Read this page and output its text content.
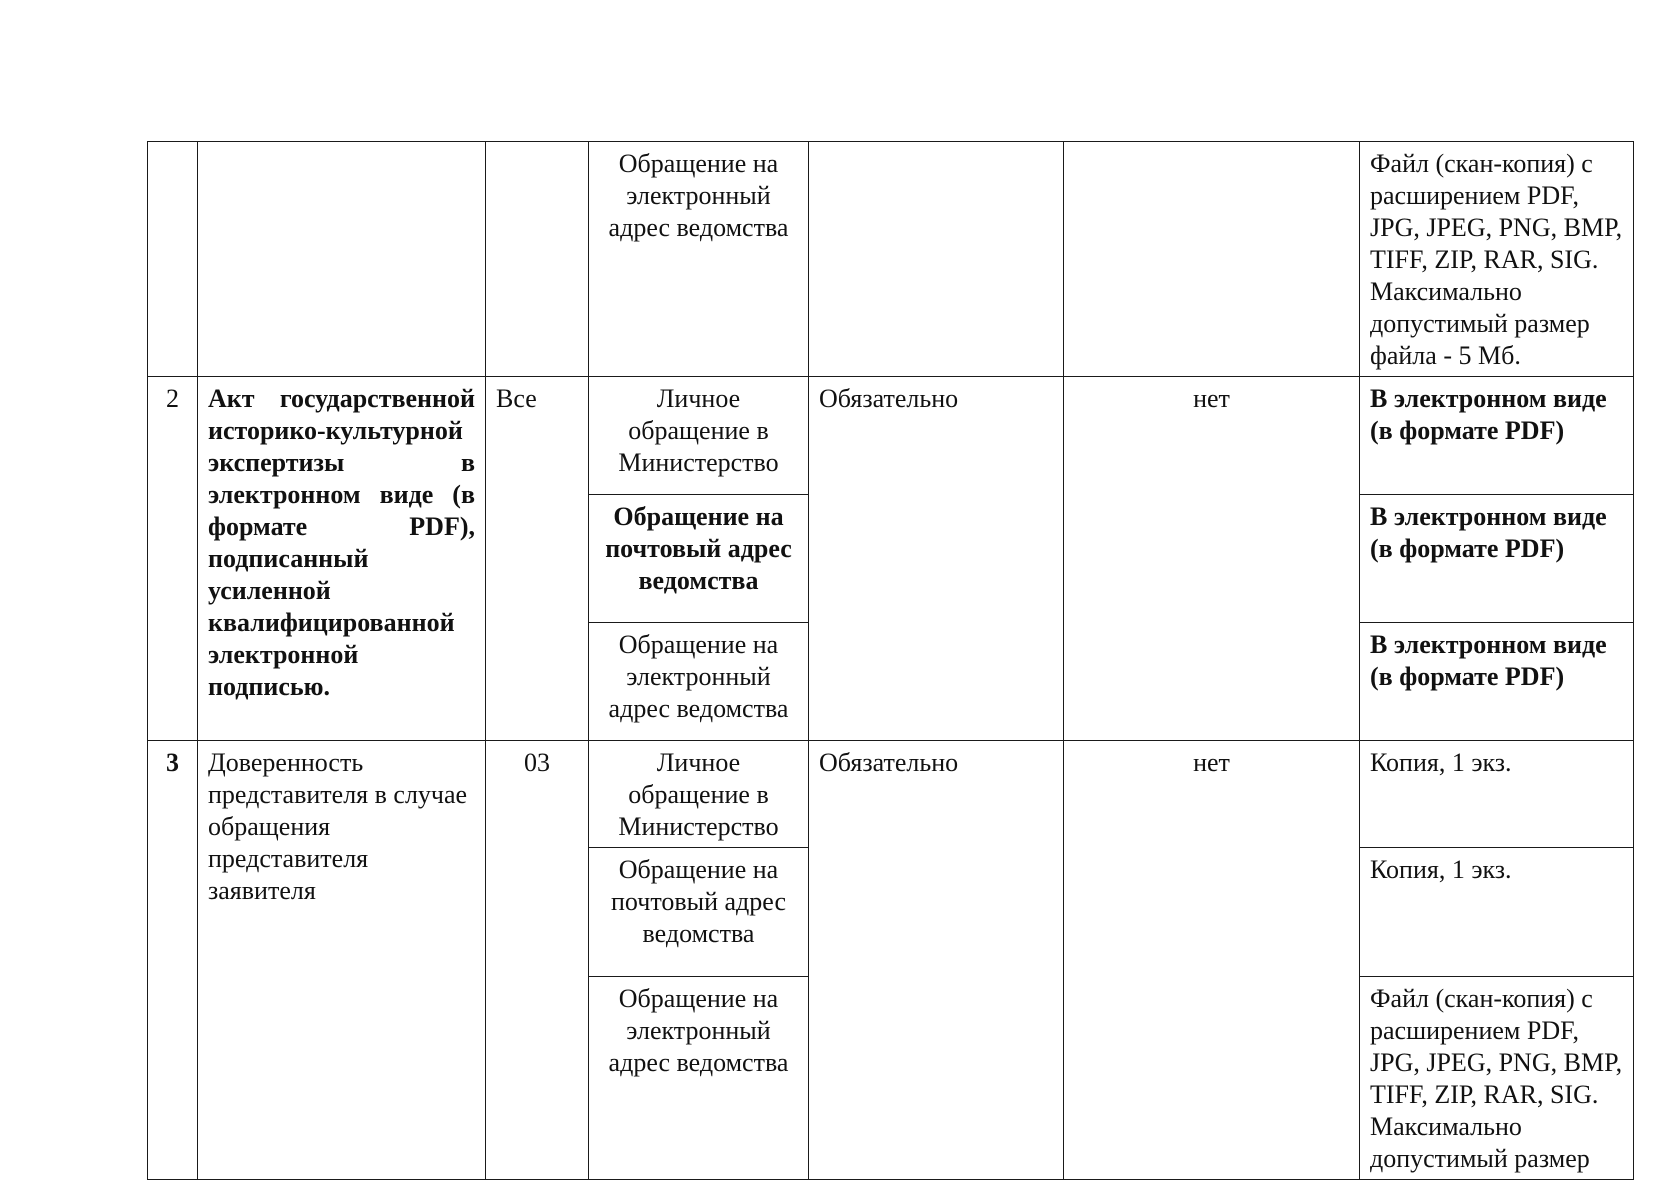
			Обращение на электронный адрес ведомства			Файл (скан-копия) с расширением PDF, JPG, JPEG, PNG, BMP, TIFF, ZIP, RAR, SIG. Максимально допустимый размер файла - 5 Мб.
2	Акт государственной историко-культурной экспертизы в электронном виде (в формате PDF), подписанный усиленной квалифицированной электронной подписью.	Все	Личное обращение в Министерство	Обязательно	нет	В электронном виде (в формате PDF)
			Обращение на почтовый адрес ведомства			В электронном виде (в формате PDF)
			Обращение на электронный адрес ведомства			В электронном виде (в формате PDF)
3	Доверенность представителя в случае обращения представителя заявителя	03	Личное обращение в Министерство	Обязательно	нет	Копия, 1 экз.
			Обращение на почтовый адрес ведомства			Копия, 1 экз.
			Обращение на электронный адрес ведомства			Файл (скан-копия) с расширением PDF, JPG, JPEG, PNG, BMP, TIFF, ZIP, RAR, SIG. Максимально допустимый размер
